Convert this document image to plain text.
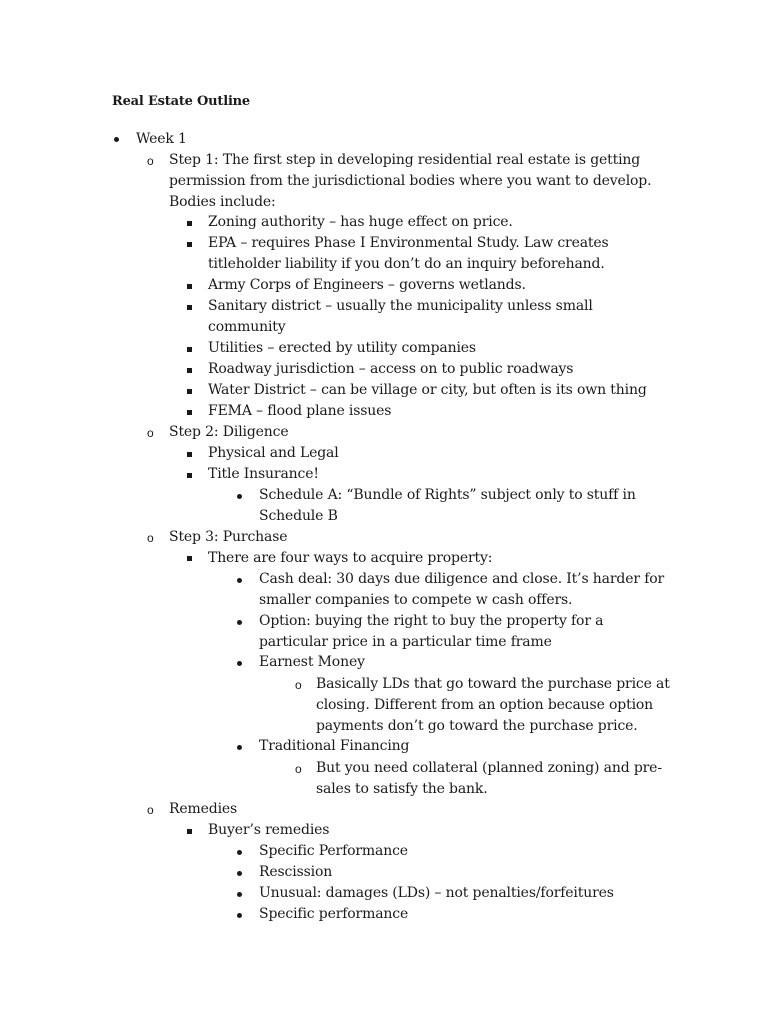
Real Estate Outline
Week 1
o Step 1: The first step in developing residential real estate is getting
permission from the jurisdictional bodies where you want to develop.
Bodies include:
Zoning authority – has huge effect on price.
EPA – requires Phase I Environmental Study. Law creates
titleholder liability if you don’t do an inquiry beforehand.
Army Corps of Engineers – governs wetlands.
Sanitary district – usually the municipality unless small
community
Utilities – erected by utility companies
Roadway jurisdiction – access on to public roadways
Water District – can be village or city, but often is its own thing
FEMA – flood plane issues
o Step 2: Diligence
Physical and Legal
Title Insurance!
Schedule A: “Bundle of Rights” subject only to stuff in
Schedule B
o Step 3: Purchase
There are four ways to acquire property:
Cash deal: 30 days due diligence and close. It’s harder for
smaller companies to compete w cash offers.
Option: buying the right to buy the property for a
particular price in a particular time frame
Earnest Money
o Basically LDs that go toward the purchase price at
closing. Different from an option because option
payments don’t go toward the purchase price.
Traditional Financing
o But you need collateral (planned zoning) and pre-
sales to satisfy the bank.
o Remedies
Buyer’s remedies
Specific Performance
Rescission
Unusual: damages (LDs) – not penalties/forfeitures
Specific performance
